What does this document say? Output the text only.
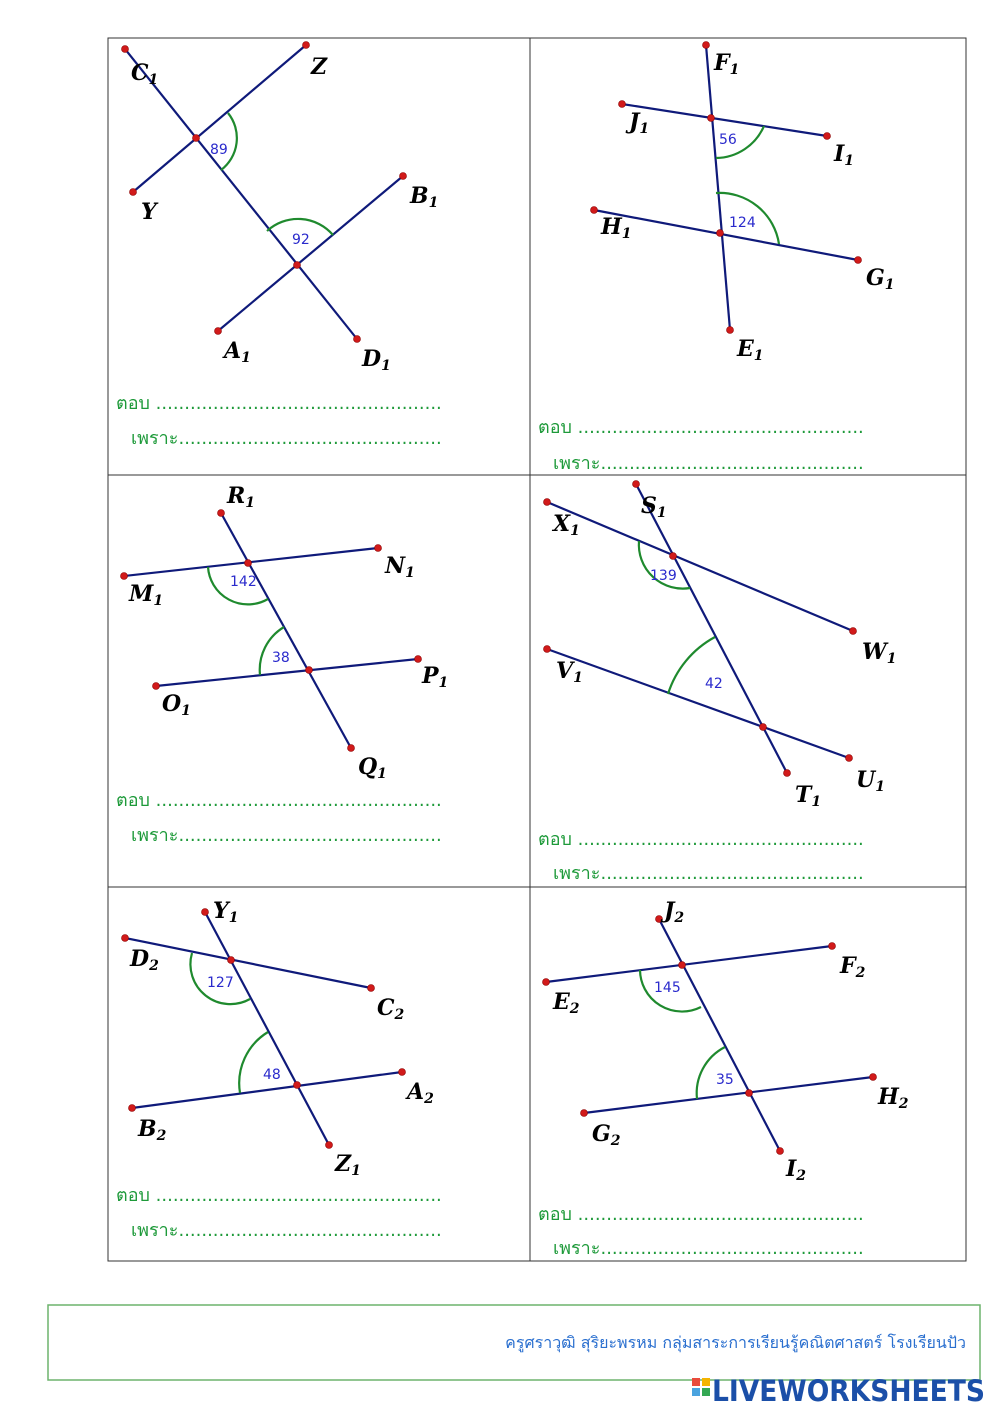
89
92
C1	Z
Y
B1
A1	D1
ตอบ ..................................................
เพราะ..............................................
56
124
F1
J1
I1
H1
G1
E1
ตอบ ..................................................
เพราะ..............................................
142
38
R1
N1
M1
P1
O1
Q1
ตอบ ..................................................
เพราะ..............................................
139
42
S1
X1
W1
V1
U1
T1
ตอบ ..................................................
เพราะ..............................................
127
48
Y1
D2
C2
A2
B2
Z1
ตอบ ..................................................
เพราะ..............................................
145
35
J2
F2
E2
H2
G2
I2
ตอบ ..................................................
เพราะ..............................................
ครูศราวุฒิ สุริยะพรหม กลุ่มสาระการเรียนรู้คณิตศาสตร์ โรงเรียนปัว
LIVEWORKSHEETS
